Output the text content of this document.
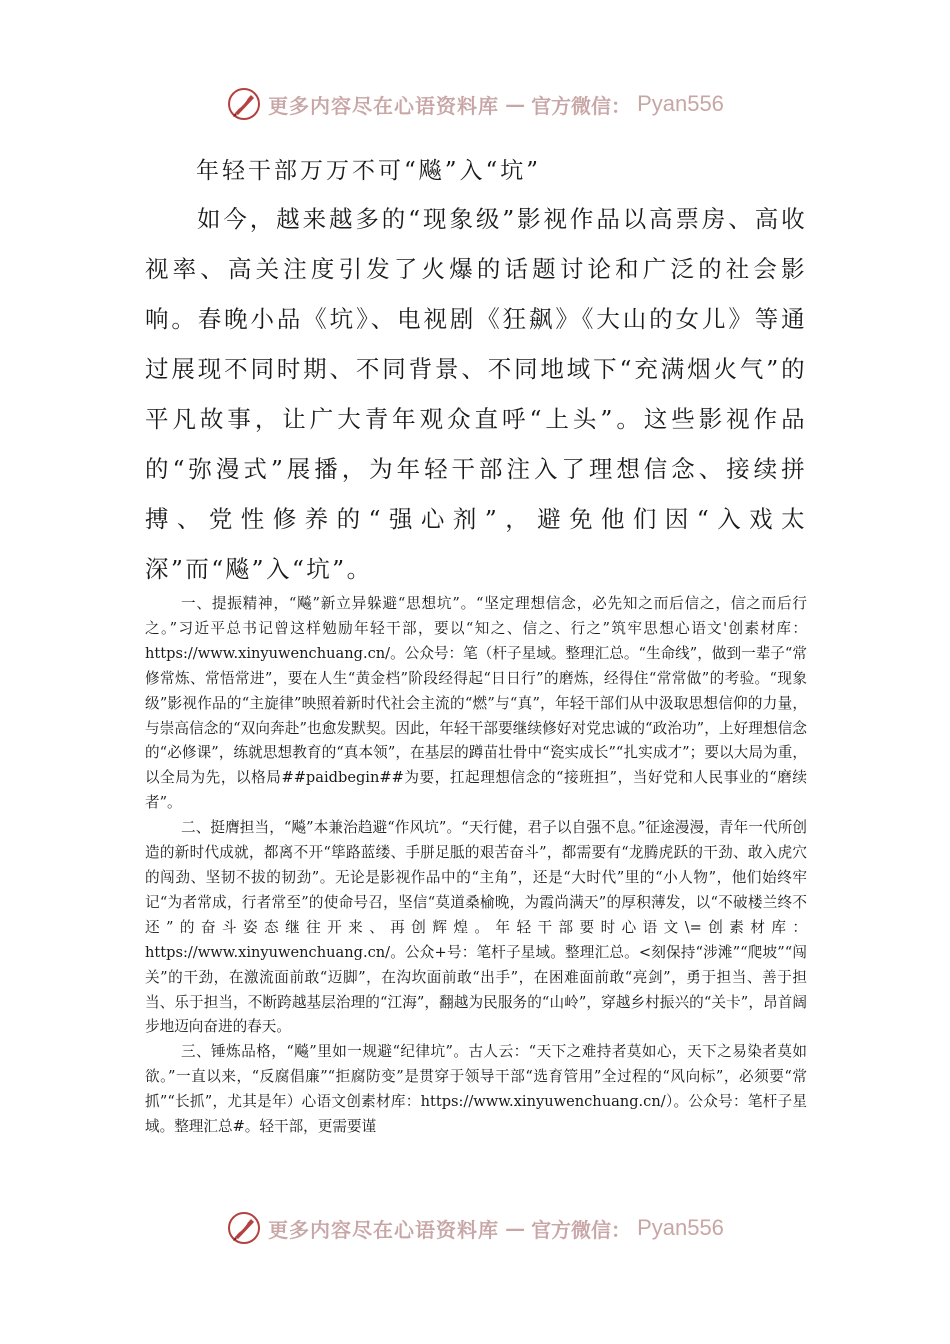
更多内容尽在心语资料库 — 官方微信： Pyan556
年轻干部万万不可“飚”入“坑”

如今，越来越多的“现象级”影视作品以高票房、高收视率、高关注度引发了火爆的话题讨论和广泛的社会影响。春晚小品《坑》、电视剧《狂飙》《大山的女儿》等通过展现不同时期、不同背景、不同地域下“充满烟火气”的平凡故事，让广大青年观众直呼“上头”。这些影视作品的“弥漫式”展播，为年轻干部注入了理想信念、接续拼搏、党性修养的“强心剂”，避免他们因“入戏太深”而“飚”入“坑”。

一、提振精神，“飚”新立异躲避“思想坑”。“坚定理想信念，必先知之而后信之，信之而后行之。”习近平总书记曾这样勉励年轻干部，要以“知之、信之、行之”筑牢思想心语文'创素材库：https://www.xinyuwenchuang.cn/。公众号：笔（杆子星域。整理汇总。“生命线”，做到一辈子“常修常炼、常悟常进”，要在人生“黄金档”阶段经得起“日日行”的磨炼，经得住“常常做”的考验。“现象级”影视作品的“主旋律”映照着新时代社会主流的“燃”与“真”，年轻干部们从中汲取思想信仰的力量，与崇高信念的“双向奔赴”也愈发默契。因此，年轻干部要继续修好对党忠诚的“政治功”，上好理想信念的“必修课”，练就思想教育的“真本领”，在基层的蹲苗壮骨中“瓷实成长”“扎实成才”；要以大局为重，以全局为先，以格局##paidbegin##为要，扛起理想信念的“接班担”，当好党和人民事业的“磨续者”。

二、挺膺担当，“飚”本兼治趋避“作风坑”。“天行健，君子以自强不息。”征途漫漫，青年一代所创造的新时代成就，都离不开“筚路蓝缕、手胼足胝的艰苦奋斗”，都需要有“龙腾虎跃的干劲、敢入虎穴的闯劲、坚韧不拔的韧劲”。无论是影视作品中的“主角”，还是“大时代”里的“小人物”，他们始终牢记“为者常成，行者常至”的使命号召，坚信“莫道桑榆晚，为霞尚满天”的厚积薄发，以“不破楼兰终不还”的奋斗姿态继往开来、再创辉煌。年轻干部要时心语文\=创素材库：https://www.xinyuwenchuang.cn/。公众+号：笔杆子星域。整理汇总。<刻保持“涉滩”“爬坡”“闯关”的干劲，在激流面前敢“迈脚”，在沟坎面前敢“出手”，在困难面前敢“亮剑”，勇于担当、善于担当、乐于担当，不断跨越基层治理的“江海”，翻越为民服务的“山岭”，穿越乡村振兴的“关卡”，昂首阔步地迈向奋进的春天。

三、锤炼品格，“飚”里如一规避“纪律坑”。古人云：“天下之难持者莫如心，天下之易染者莫如欲。”一直以来，“反腐倡廉”“拒腐防变”是贯穿于领导干部“选育管用”全过程的“风向标”，必须要“常抓”“长抓”，尤其是年）心语文创素材库：https://www.xinyuwenchuang.cn/）。公众号：笔杆子星域。整理汇总#。轻干部，更需要谨

更多内容尽在心语资料库 — 官方微信： Pyan556
